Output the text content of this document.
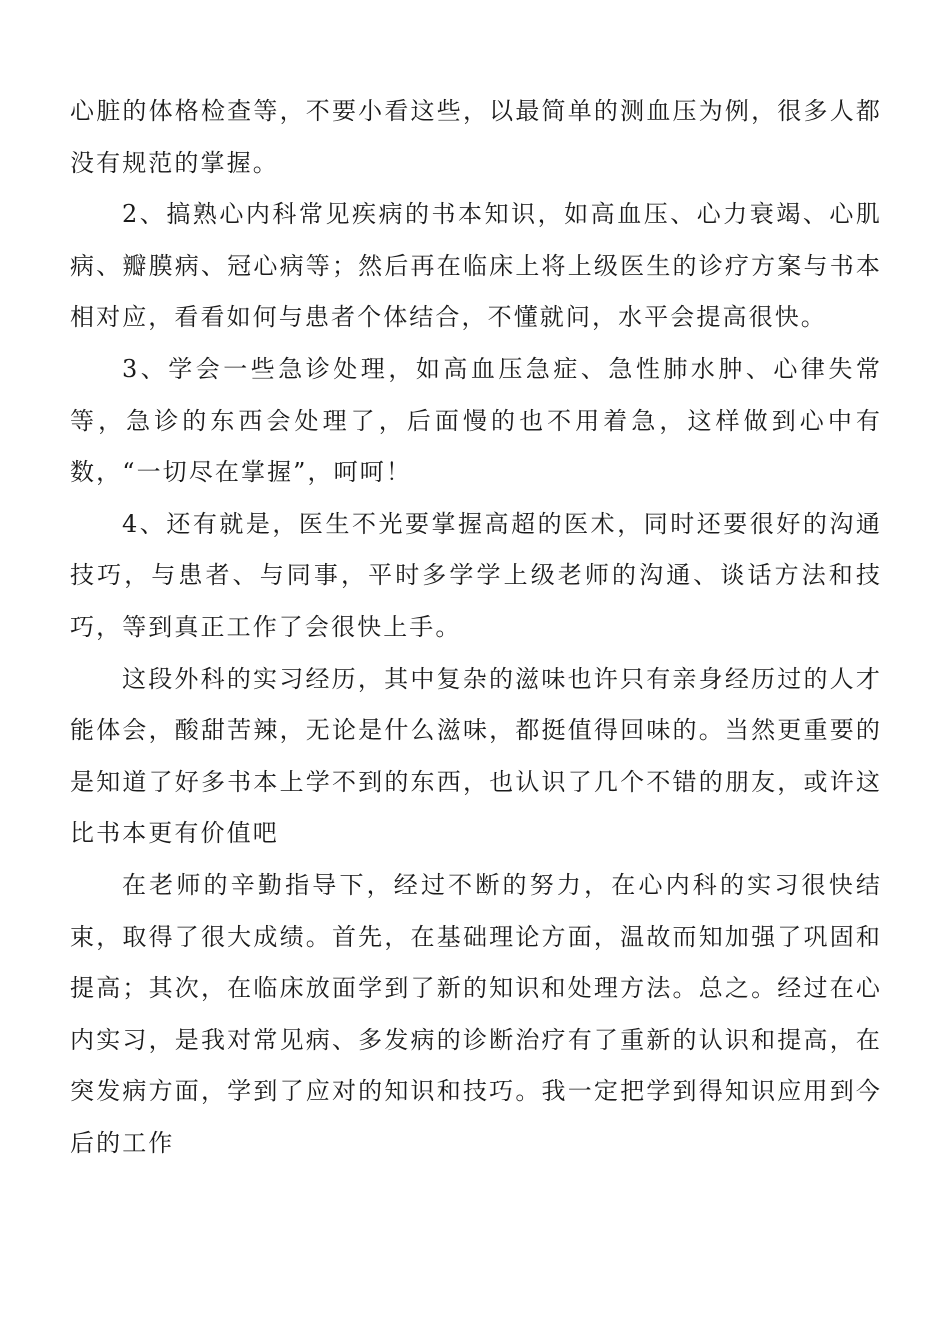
心脏的体格检查等，不要小看这些，以最简单的测血压为例，很多人都没有规范的掌握。

2、搞熟心内科常见疾病的书本知识，如高血压、心力衰竭、心肌病、瓣膜病、冠心病等；然后再在临床上将上级医生的诊疗方案与书本相对应，看看如何与患者个体结合，不懂就问，水平会提高很快。

3、学会一些急诊处理，如高血压急症、急性肺水肿、心律失常等，急诊的东西会处理了，后面慢的也不用着急，这样做到心中有数，“一切尽在掌握”，呵呵！

4、还有就是，医生不光要掌握高超的医术，同时还要很好的沟通技巧，与患者、与同事，平时多学学上级老师的沟通、谈话方法和技巧，等到真正工作了会很快上手。

这段外科的实习经历，其中复杂的滋味也许只有亲身经历过的人才能体会，酸甜苦辣，无论是什么滋味，都挺值得回味的。当然更重要的是知道了好多书本上学不到的东西，也认识了几个不错的朋友，或许这比书本更有价值吧

在老师的辛勤指导下，经过不断的努力，在心内科的实习很快结束，取得了很大成绩。首先，在基础理论方面，温故而知加强了巩固和提高；其次，在临床放面学到了新的知识和处理方法。总之。经过在心内实习，是我对常见病、多发病的诊断治疗有了重新的认识和提高，在突发病方面，学到了应对的知识和技巧。我一定把学到得知识应用到今后的工作
